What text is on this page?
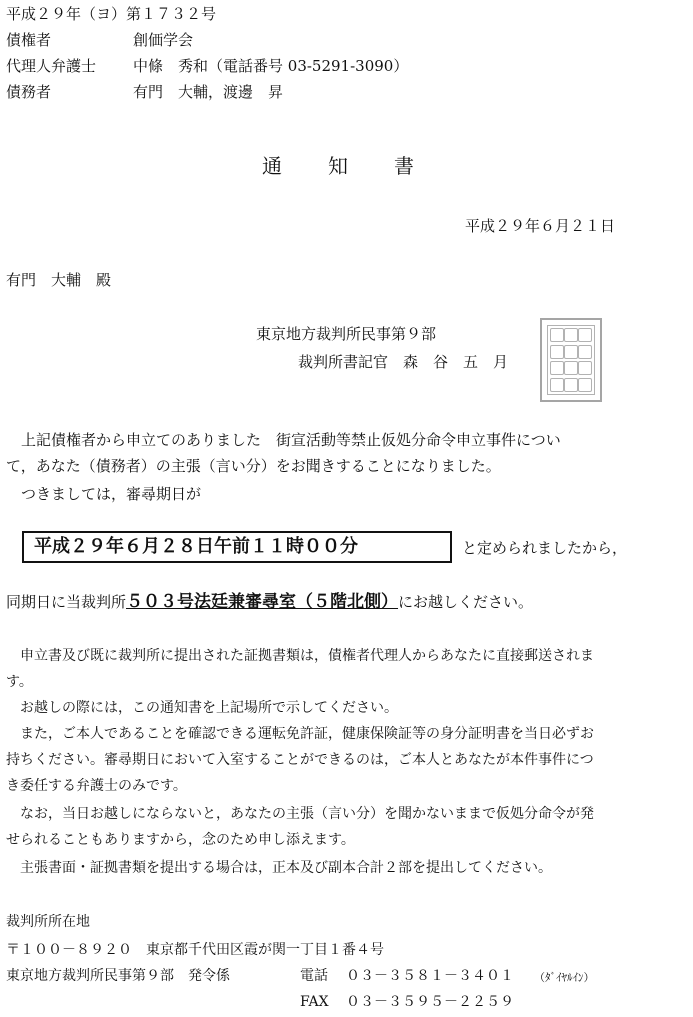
平成２９年（ヨ）第１７３２号
債権者	創価学会
代理人弁護士 中條　秀和（電話番号 03-5291-3090）
債務者	有門　大輔，渡邊　昇
通　　知　　書
平成２９年６月２１日
有門　大輔　殿
東京地方裁判所民事第９部
裁判所書記官　森　谷　五　月
　上記債権者から申立てのありました　街宣活動等禁止仮処分命令申立事件につい
て，あなた（債務者）の主張（言い分）をお聞きすることになりました。
　つきましては，審尋期日が
平成２９年６月２８日午前１１時００分	と定められましたから，
同期日に当裁判所５０３号法廷兼審尋室（５階北側）にお越しください。
　申立書及び既に裁判所に提出された証拠書類は，債権者代理人からあなたに直接郵送されま
す。
　お越しの際には，この通知書を上記場所で示してください。
　また，ご本人であることを確認できる運転免許証，健康保険証等の身分証明書を当日必ずお
持ちください。審尋期日において入室することができるのは，ご本人とあなたが本件事件につ
き委任する弁護士のみです。
　なお，当日お越しにならないと，あなたの主張（言い分）を聞かないままで仮処分命令が発
せられることもありますから，念のため申し添えます。
　主張書面・証拠書類を提出する場合は，正本及び副本合計２部を提出してください。
裁判所所在地
〒１００－８９２０　東京都千代田区霞が関一丁目１番４号
東京地方裁判所民事第９部　発令係	電話 ０３－３５８１－３４０１ （ﾀﾞｲﾔﾙｲﾝ）
FAX ０３－３５９５－２２５９
